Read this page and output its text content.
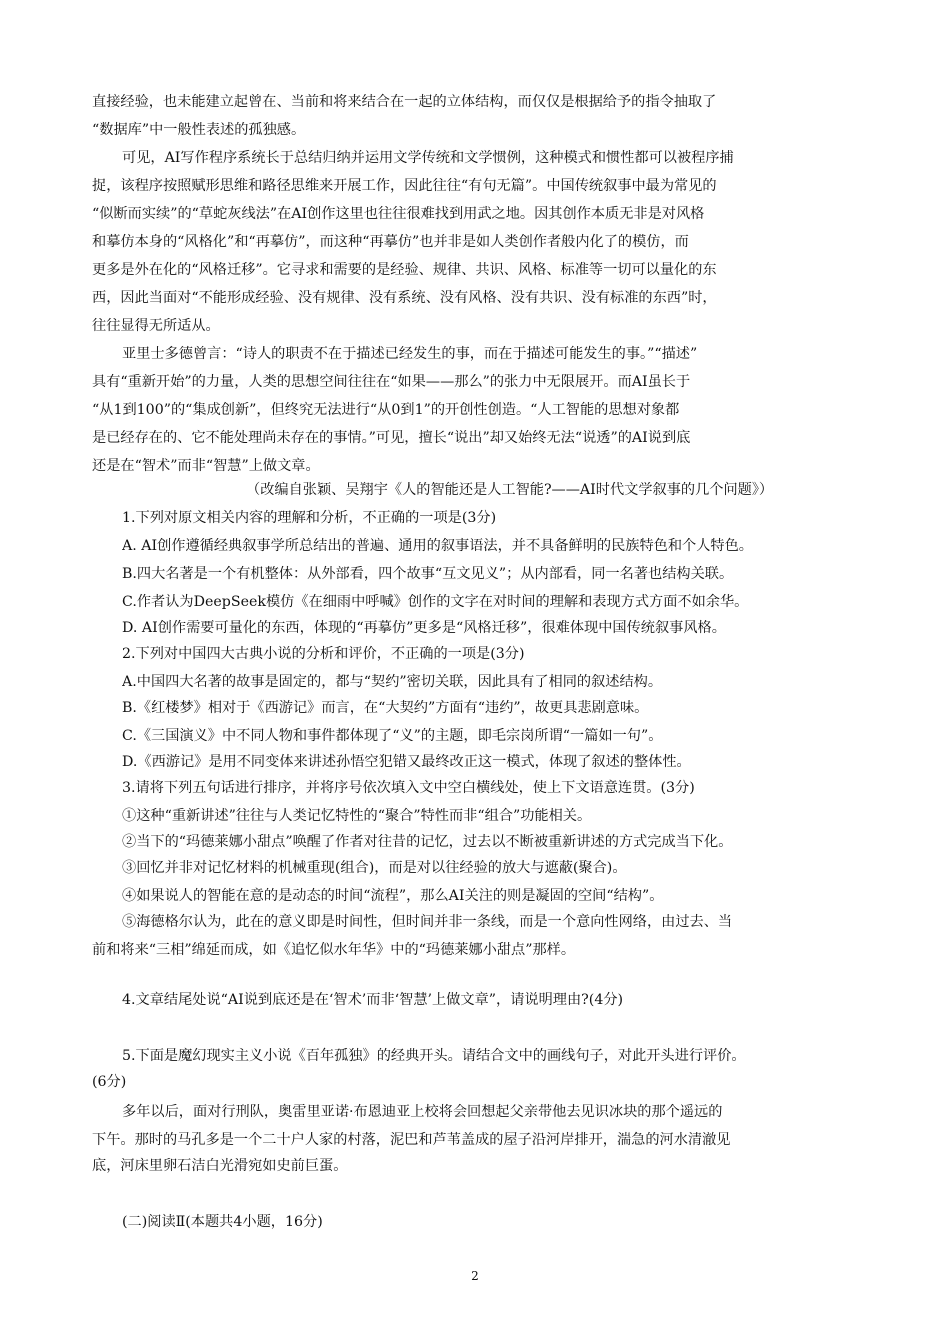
直接经验，也未能建立起曾在、当前和将来结合在一起的立体结构，而仅仅是根据给予的指令抽取了
“数据库”中一般性表述的孤独感。
可见，AI写作程序系统长于总结归纳并运用文学传统和文学惯例，这种模式和惯性都可以被程序捕
捉，该程序按照赋形思维和路径思维来开展工作，因此往往“有句无篇”。中国传统叙事中最为常见的
“似断而实续”的“草蛇灰线法”在AI创作这里也往往很难找到用武之地。因其创作本质无非是对风格
和摹仿本身的“风格化”和“再摹仿”，而这种“再摹仿”也并非是如人类创作者般内化了的模仿，而
更多是外在化的“风格迁移”。它寻求和需要的是经验、规律、共识、风格、标准等一切可以量化的东
西，因此当面对“不能形成经验、没有规律、没有系统、没有风格、没有共识、没有标准的东西”时，
往往显得无所适从。
亚里士多德曾言：“诗人的职责不在于描述已经发生的事，而在于描述可能发生的事。”“描述”
具有“重新开始”的力量，人类的思想空间往往在“如果——那么”的张力中无限展开。而AI虽长于
“从1到100”的“集成创新”，但终究无法进行“从0到1”的开创性创造。“人工智能的思想对象都
是已经存在的、它不能处理尚未存在的事情。”可见，擅长“说出”却又始终无法“说透”的AI说到底
还是在“智术”而非“智慧”上做文章。
（改编自张颖、吴翔宇《人的智能还是人工智能?——AI时代文学叙事的几个问题》）
1.下列对原文相关内容的理解和分析，不正确的一项是(3分)
A. AI创作遵循经典叙事学所总结出的普遍、通用的叙事语法，并不具备鲜明的民族特色和个人特色。
B.四大名著是一个有机整体：从外部看，四个故事“互文见义”；从内部看，同一名著也结构关联。
C.作者认为DeepSeek模仿《在细雨中呼喊》创作的文字在对时间的理解和表现方式方面不如余华。
D. AI创作需要可量化的东西，体现的“再摹仿”更多是“风格迁移”，很难体现中国传统叙事风格。
2.下列对中国四大古典小说的分析和评价，不正确的一项是(3分)
A.中国四大名著的故事是固定的，都与“契约”密切关联，因此具有了相同的叙述结构。
B.《红楼梦》相对于《西游记》而言，在“大契约”方面有“违约”，故更具悲剧意味。
C.《三国演义》中不同人物和事件都体现了“义”的主题，即毛宗岗所谓“一篇如一句”。
D.《西游记》是用不同变体来讲述孙悟空犯错又最终改正这一模式，体现了叙述的整体性。
3.请将下列五句话进行排序，并将序号依次填入文中空白横线处，使上下文语意连贯。(3分)
①这种“重新讲述”往往与人类记忆特性的“聚合”特性而非“组合”功能相关。
②当下的“玛德莱娜小甜点”唤醒了作者对往昔的记忆，过去以不断被重新讲述的方式完成当下化。
③回忆并非对记忆材料的机械重现(组合)，而是对以往经验的放大与遮蔽(聚合)。
④如果说人的智能在意的是动态的时间“流程”，那么AI关注的则是凝固的空间“结构”。
⑤海德格尔认为，此在的意义即是时间性，但时间并非一条线，而是一个意向性网络，由过去、当
前和将来“三相”绵延而成，如《追忆似水年华》中的“玛德莱娜小甜点”那样。
4.文章结尾处说“AI说到底还是在‘智术’而非‘智慧’上做文章”，请说明理由?(4分)
5.下面是魔幻现实主义小说《百年孤独》的经典开头。请结合文中的画线句子，对此开头进行评价。
(6分)
多年以后，面对行刑队，奥雷里亚诺·布恩迪亚上校将会回想起父亲带他去见识冰块的那个遥远的
下午。那时的马孔多是一个二十户人家的村落，泥巴和芦苇盖成的屋子沿河岸排开，湍急的河水清澈见
底，河床里卵石洁白光滑宛如史前巨蛋。
(二)阅读Ⅱ(本题共4小题，16分)
2
